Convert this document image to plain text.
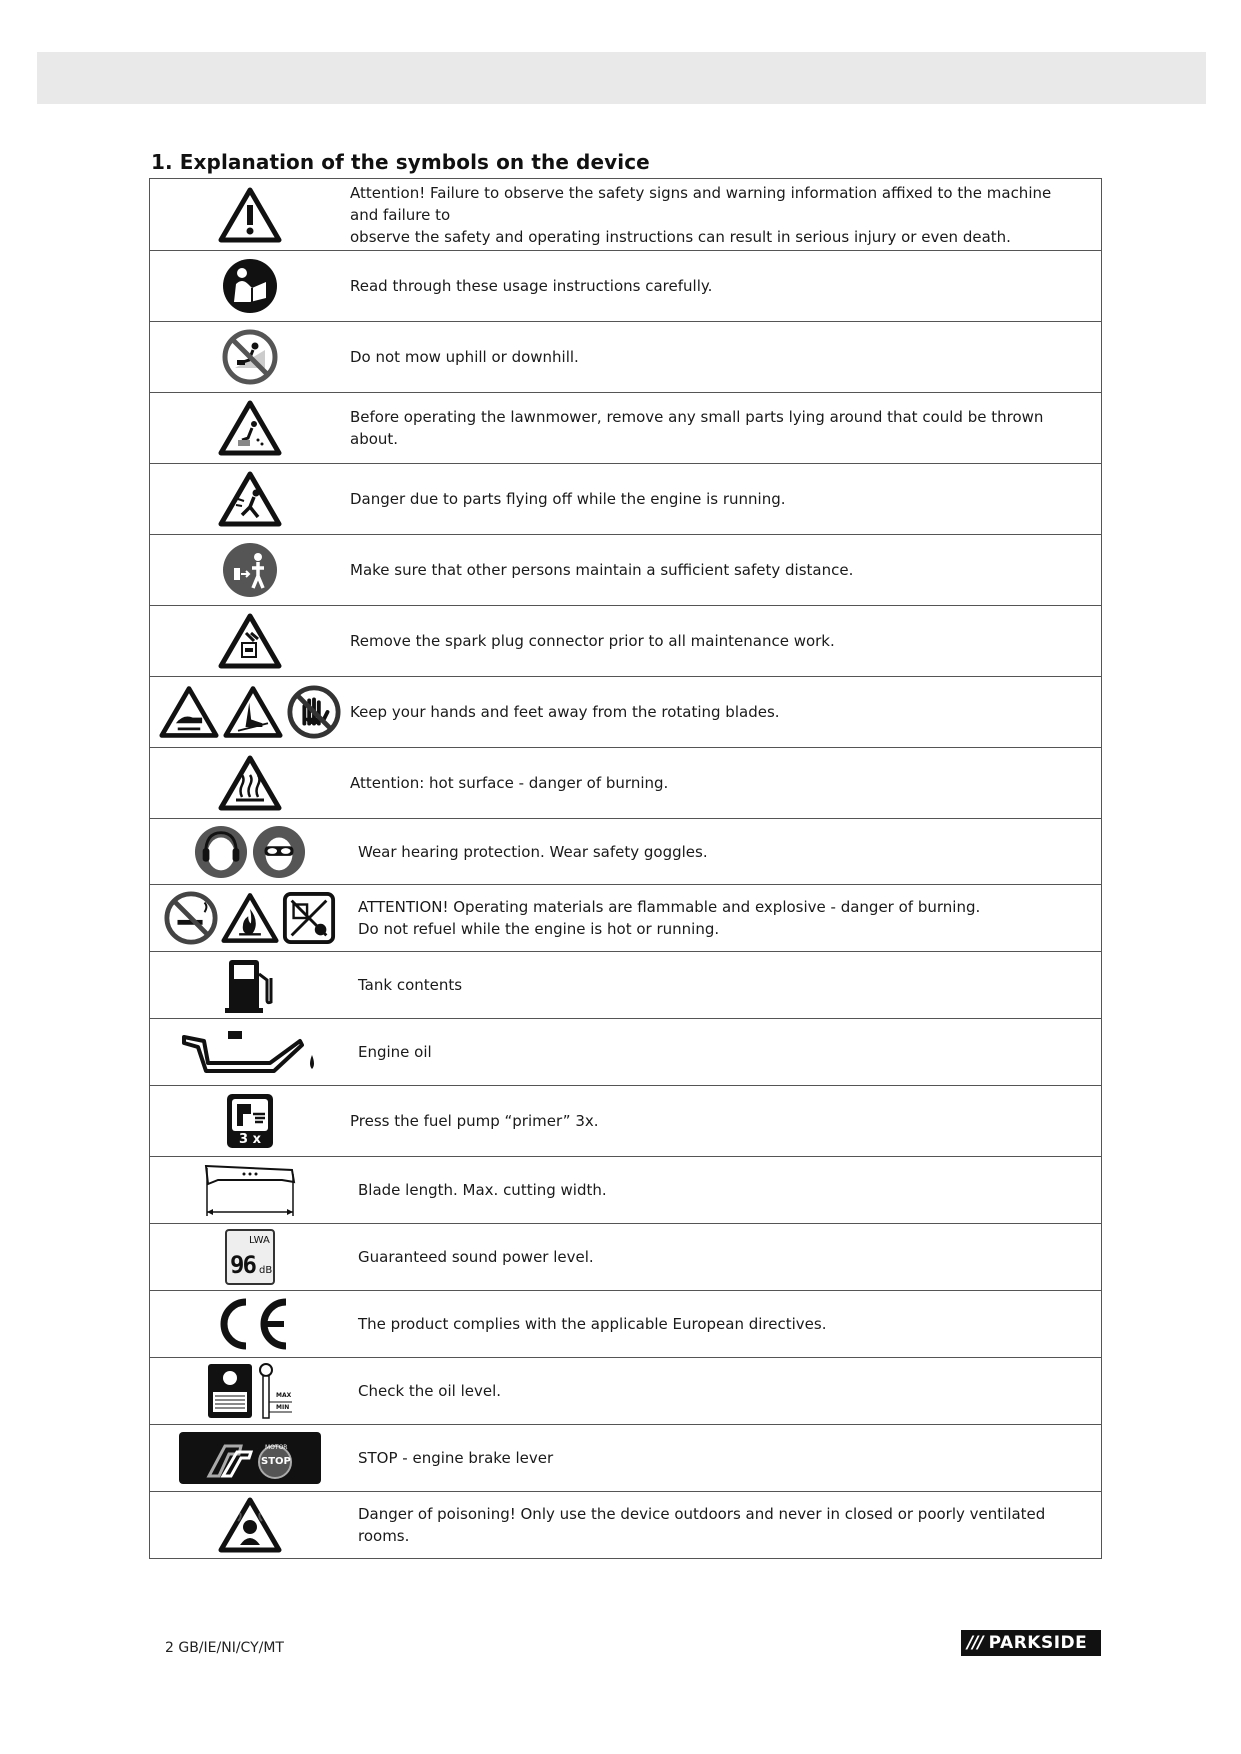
1. Explanation of the symbols on the device
Attention! Failure to observe the safety signs and warning information affixed to the machine and failure to
observe the safety and operating instructions can result in serious injury or even death.
Read through these usage instructions carefully.
Do not mow uphill or downhill.
Before operating the lawnmower, remove any small parts lying around that could be thrown about.
Danger due to parts flying off while the engine is running.
Make sure that other persons maintain a sufficient safety distance.
Remove the spark plug connector prior to all maintenance work.
Keep your hands and feet away from the rotating blades.
Attention: hot surface - danger of burning.
Wear hearing protection. Wear safety goggles.
ATTENTION! Operating materials are flammable and explosive - danger of burning.
Do not refuel while the engine is hot or running.
Tank contents
Engine oil
3 x
Press the fuel pump “primer” 3x.
Blade length. Max. cutting width.
LWA
96 dB
Guaranteed sound power level.
The product complies with the applicable European directives.
MAX
MIN
Check the oil level.
MOTOR
STOP	STOP - engine brake lever
Danger of poisoning! Only use the device outdoors and never in closed or poorly ventilated rooms.
2 GB/IE/NI/CY/MT	/// PARKSIDE
